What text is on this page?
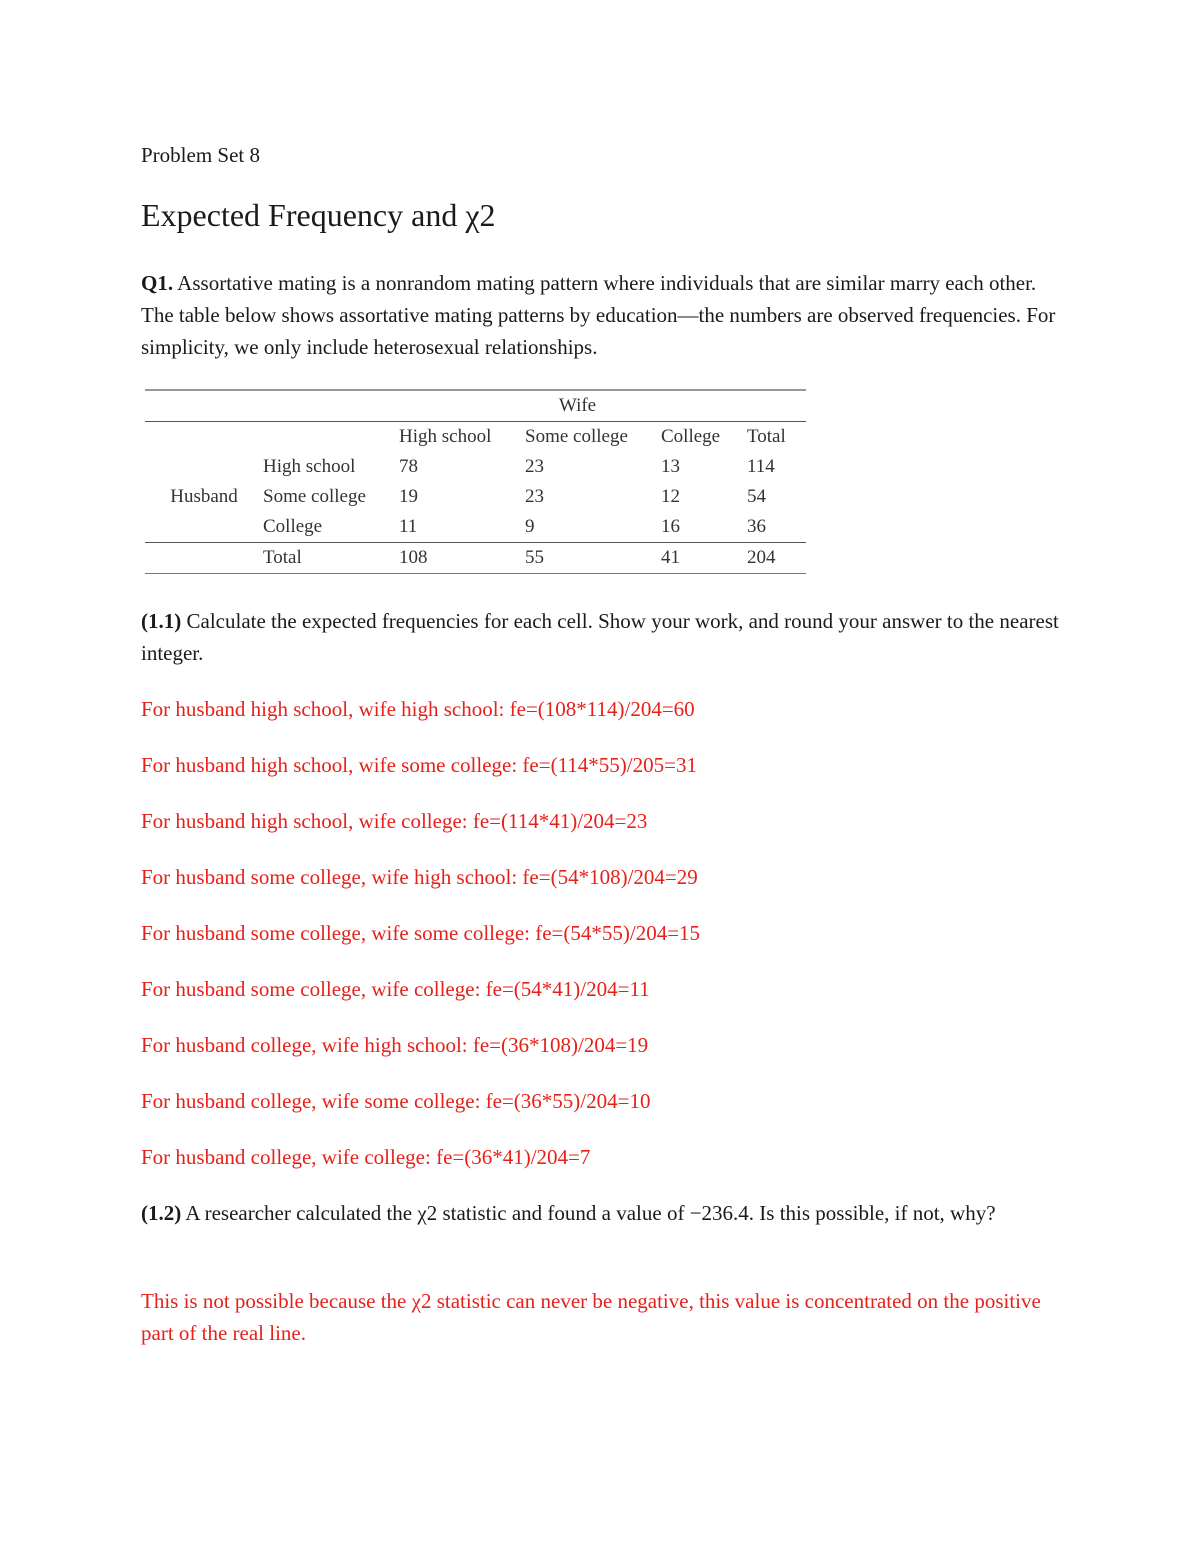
Problem Set 8
Expected Frequency and χ2
Q1. Assortative mating is a nonrandom mating pattern where individuals that are similar marry each other. The table below shows assortative mating patterns by education—the numbers are observed frequencies. For simplicity, we only include heterosexual relationships.
		Wife			
		High school	Some college	College	Total
	High school	78	23	13	114
Husband	Some college	19	23	12	54
	College	11	9	16	36
	Total	108	55	41	204
(1.1) Calculate the expected frequencies for each cell. Show your work, and round your answer to the nearest integer.
For husband high school, wife high school: fe=(108*114)/204=60
For husband high school, wife some college: fe=(114*55)/205=31
For husband high school, wife college: fe=(114*41)/204=23
For husband some college, wife high school: fe=(54*108)/204=29
For husband some college, wife some college: fe=(54*55)/204=15
For husband some college, wife college: fe=(54*41)/204=11
For husband college, wife high school: fe=(36*108)/204=19
For husband college, wife some college: fe=(36*55)/204=10
For husband college, wife college: fe=(36*41)/204=7
(1.2) A researcher calculated the χ2 statistic and found a value of −236.4. Is this possible, if not, why?
This is not possible because the χ2 statistic can never be negative, this value is concentrated on the positive part of the real line.
